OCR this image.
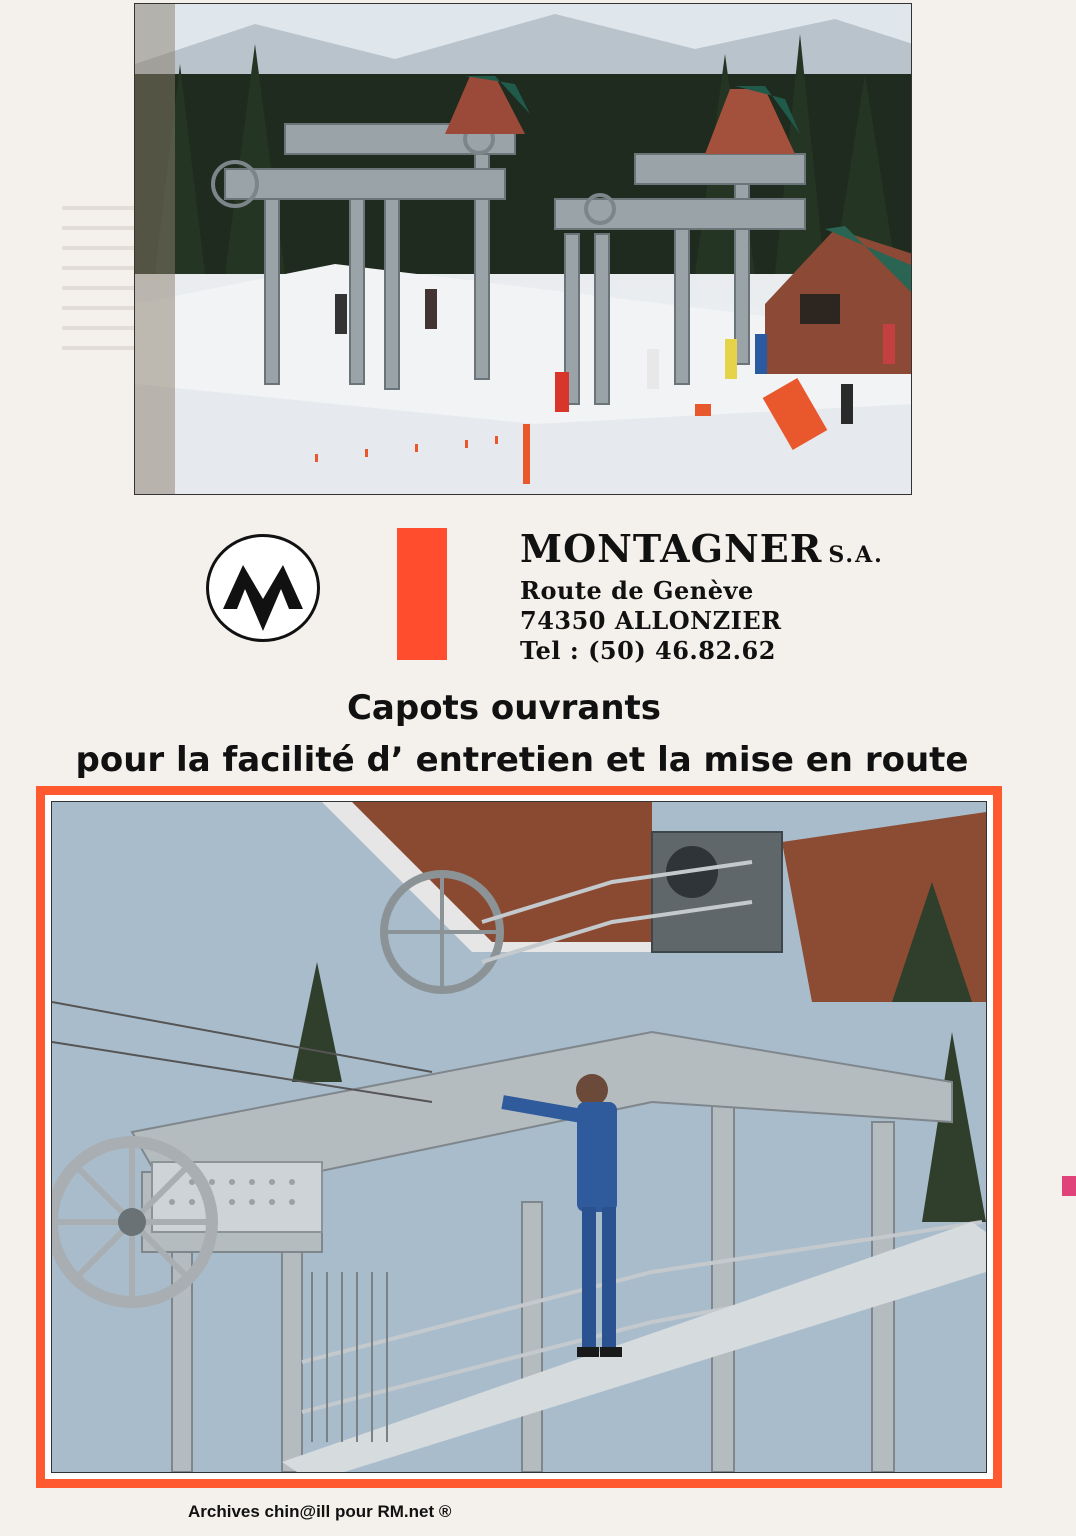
MONTAGNER S.A.
Route de Genève
74350 ALLONZIER
Tel : (50) 46.82.62
Capots ouvrants
pour la facilité d’ entretien et la mise en route
Archives chin@ill pour RM.net ®
